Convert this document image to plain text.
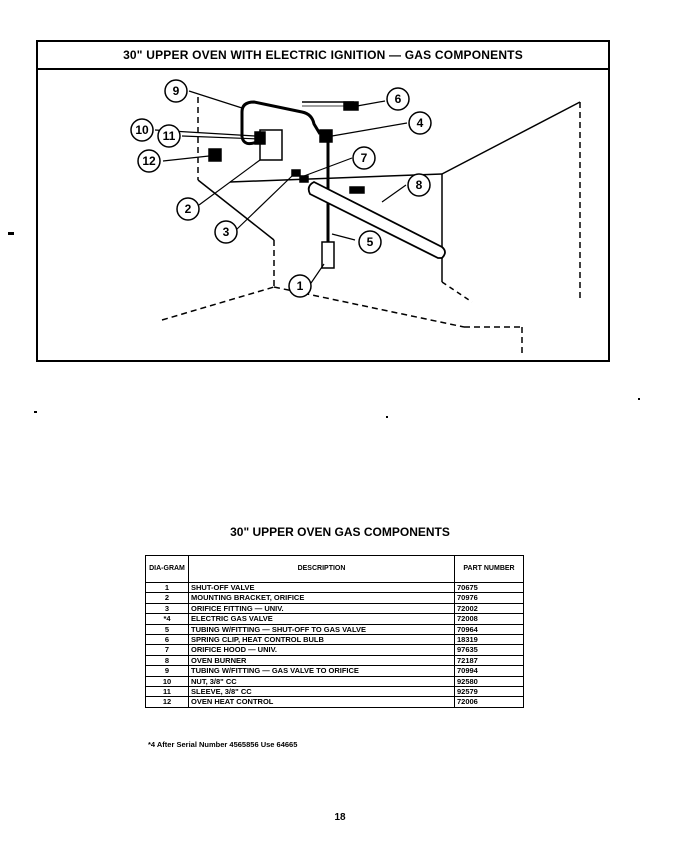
30" UPPER OVEN WITH ELECTRIC IGNITION — GAS COMPONENTS
9
6
4
10 11
12	7
8
2
3
5
1
30" UPPER OVEN GAS COMPONENTS
DIA-GRAM	DESCRIPTION	PART NUMBER
1	SHUT-OFF VALVE	70675
2	MOUNTING BRACKET, ORIFICE	70976
3	ORIFICE FITTING — UNIV.	72002
*4	ELECTRIC GAS VALVE	72008
5	TUBING W/FITTING — SHUT-OFF TO GAS VALVE	70964
6	SPRING CLIP, HEAT CONTROL BULB	18319
7	ORIFICE HOOD — UNIV.	97635
8	OVEN BURNER	72187
9	TUBING W/FITTING — GAS VALVE TO ORIFICE	70994
10	NUT, 3/8" CC	92580
11	SLEEVE, 3/8" CC	92579
12	OVEN HEAT CONTROL	72006
*4 After Serial Number 4565856 Use 64665
18
